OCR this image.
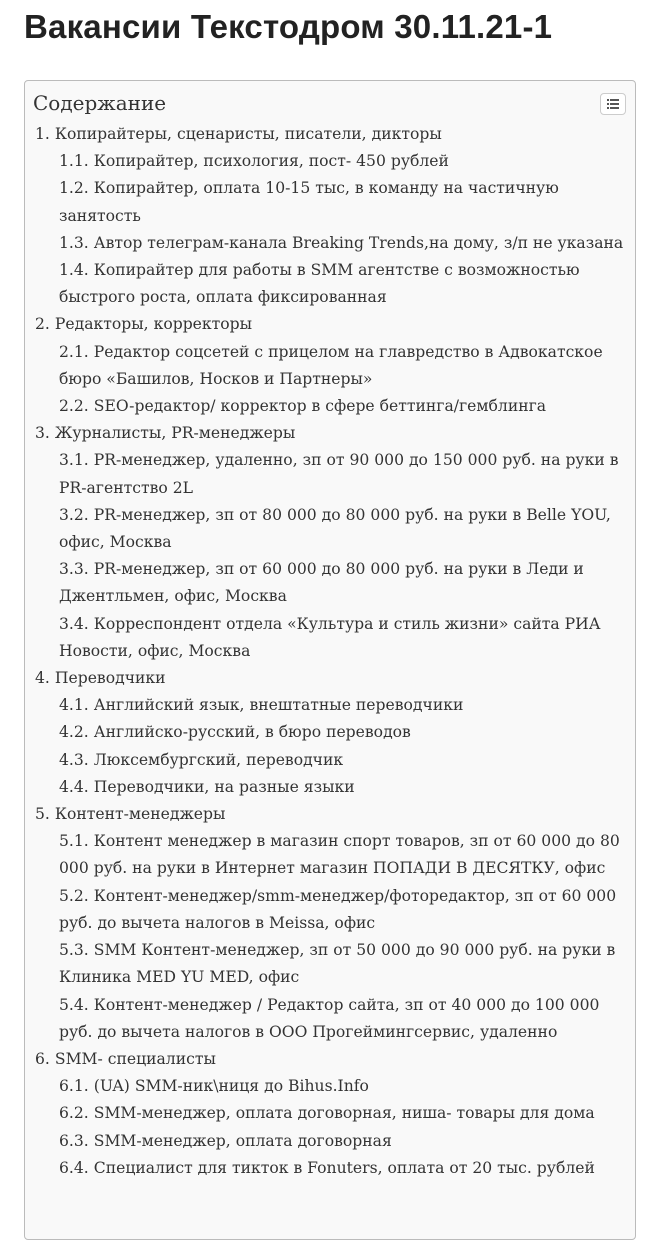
Вакансии Текстодром 30.11.21-1
Содержание
1. Копирайтеры, сценаристы, писатели, дикторы
1.1. Копирайтер, психология, пост- 450 рублей
1.2. Копирайтер, оплата 10-15 тыс, в команду на частичную занятость
1.3. Автор телеграм-канала Breaking Trends,на дому, з/п не указана
1.4. Копирайтер для работы в SMM агентстве с возможностью быстрого роста, оплата фиксированная
2. Редакторы, корректоры
2.1. Редактор соцсетей с прицелом на главредство в Адвокатское бюро «Башилов, Носков и Партнеры»
2.2. SEO-редактор/ корректор в сфере беттинга/гемблинга
3. Журналисты, PR-менеджеры
3.1. PR-менеджер, удаленно, зп от 90 000 до 150 000 руб. на руки в PR-агентство 2L
3.2. PR-менеджер, зп от 80 000 до 80 000 руб. на руки в Belle YOU, офис, Москва
3.3. PR-менеджер, зп от 60 000 до 80 000 руб. на руки в Леди и Джентльмен, офис, Москва
3.4. Корреспондент отдела «Культура и стиль жизни» сайта РИА Новости, офис, Москва
4. Переводчики
4.1. Английский язык, внештатные переводчики
4.2. Английско-русский, в бюро переводов
4.3. Люксембургский, переводчик
4.4. Переводчики, на разные языки
5. Контент-менеджеры
5.1. Контент менеджер в магазин спорт товаров, зп от 60 000 до 80 000 руб. на руки в Интернет магазин ПОПАДИ В ДЕСЯТКУ, офис
5.2. Контент-менеджер/smm-менеджер/фоторедактор, зп от 60 000 руб. до вычета налогов в Meissa, офис
5.3. SMM Контент-менеджер, зп от 50 000 до 90 000 руб. на руки в Клиника MED YU MED, офис
5.4. Контент-менеджер / Редактор сайта, зп от 40 000 до 100 000 руб. до вычета налогов в ООО Прогеймингсервис, удаленно
6. SMM- специалисты
6.1. (UA) SMM-ник\ниця до Bihus.Info
6.2. SMM-менеджер, оплата договорная, ниша- товары для дома
6.3. SMM-менеджер, оплата договорная
6.4. Специалист для тикток в Fonuters, оплата от 20 тыс. рублей
